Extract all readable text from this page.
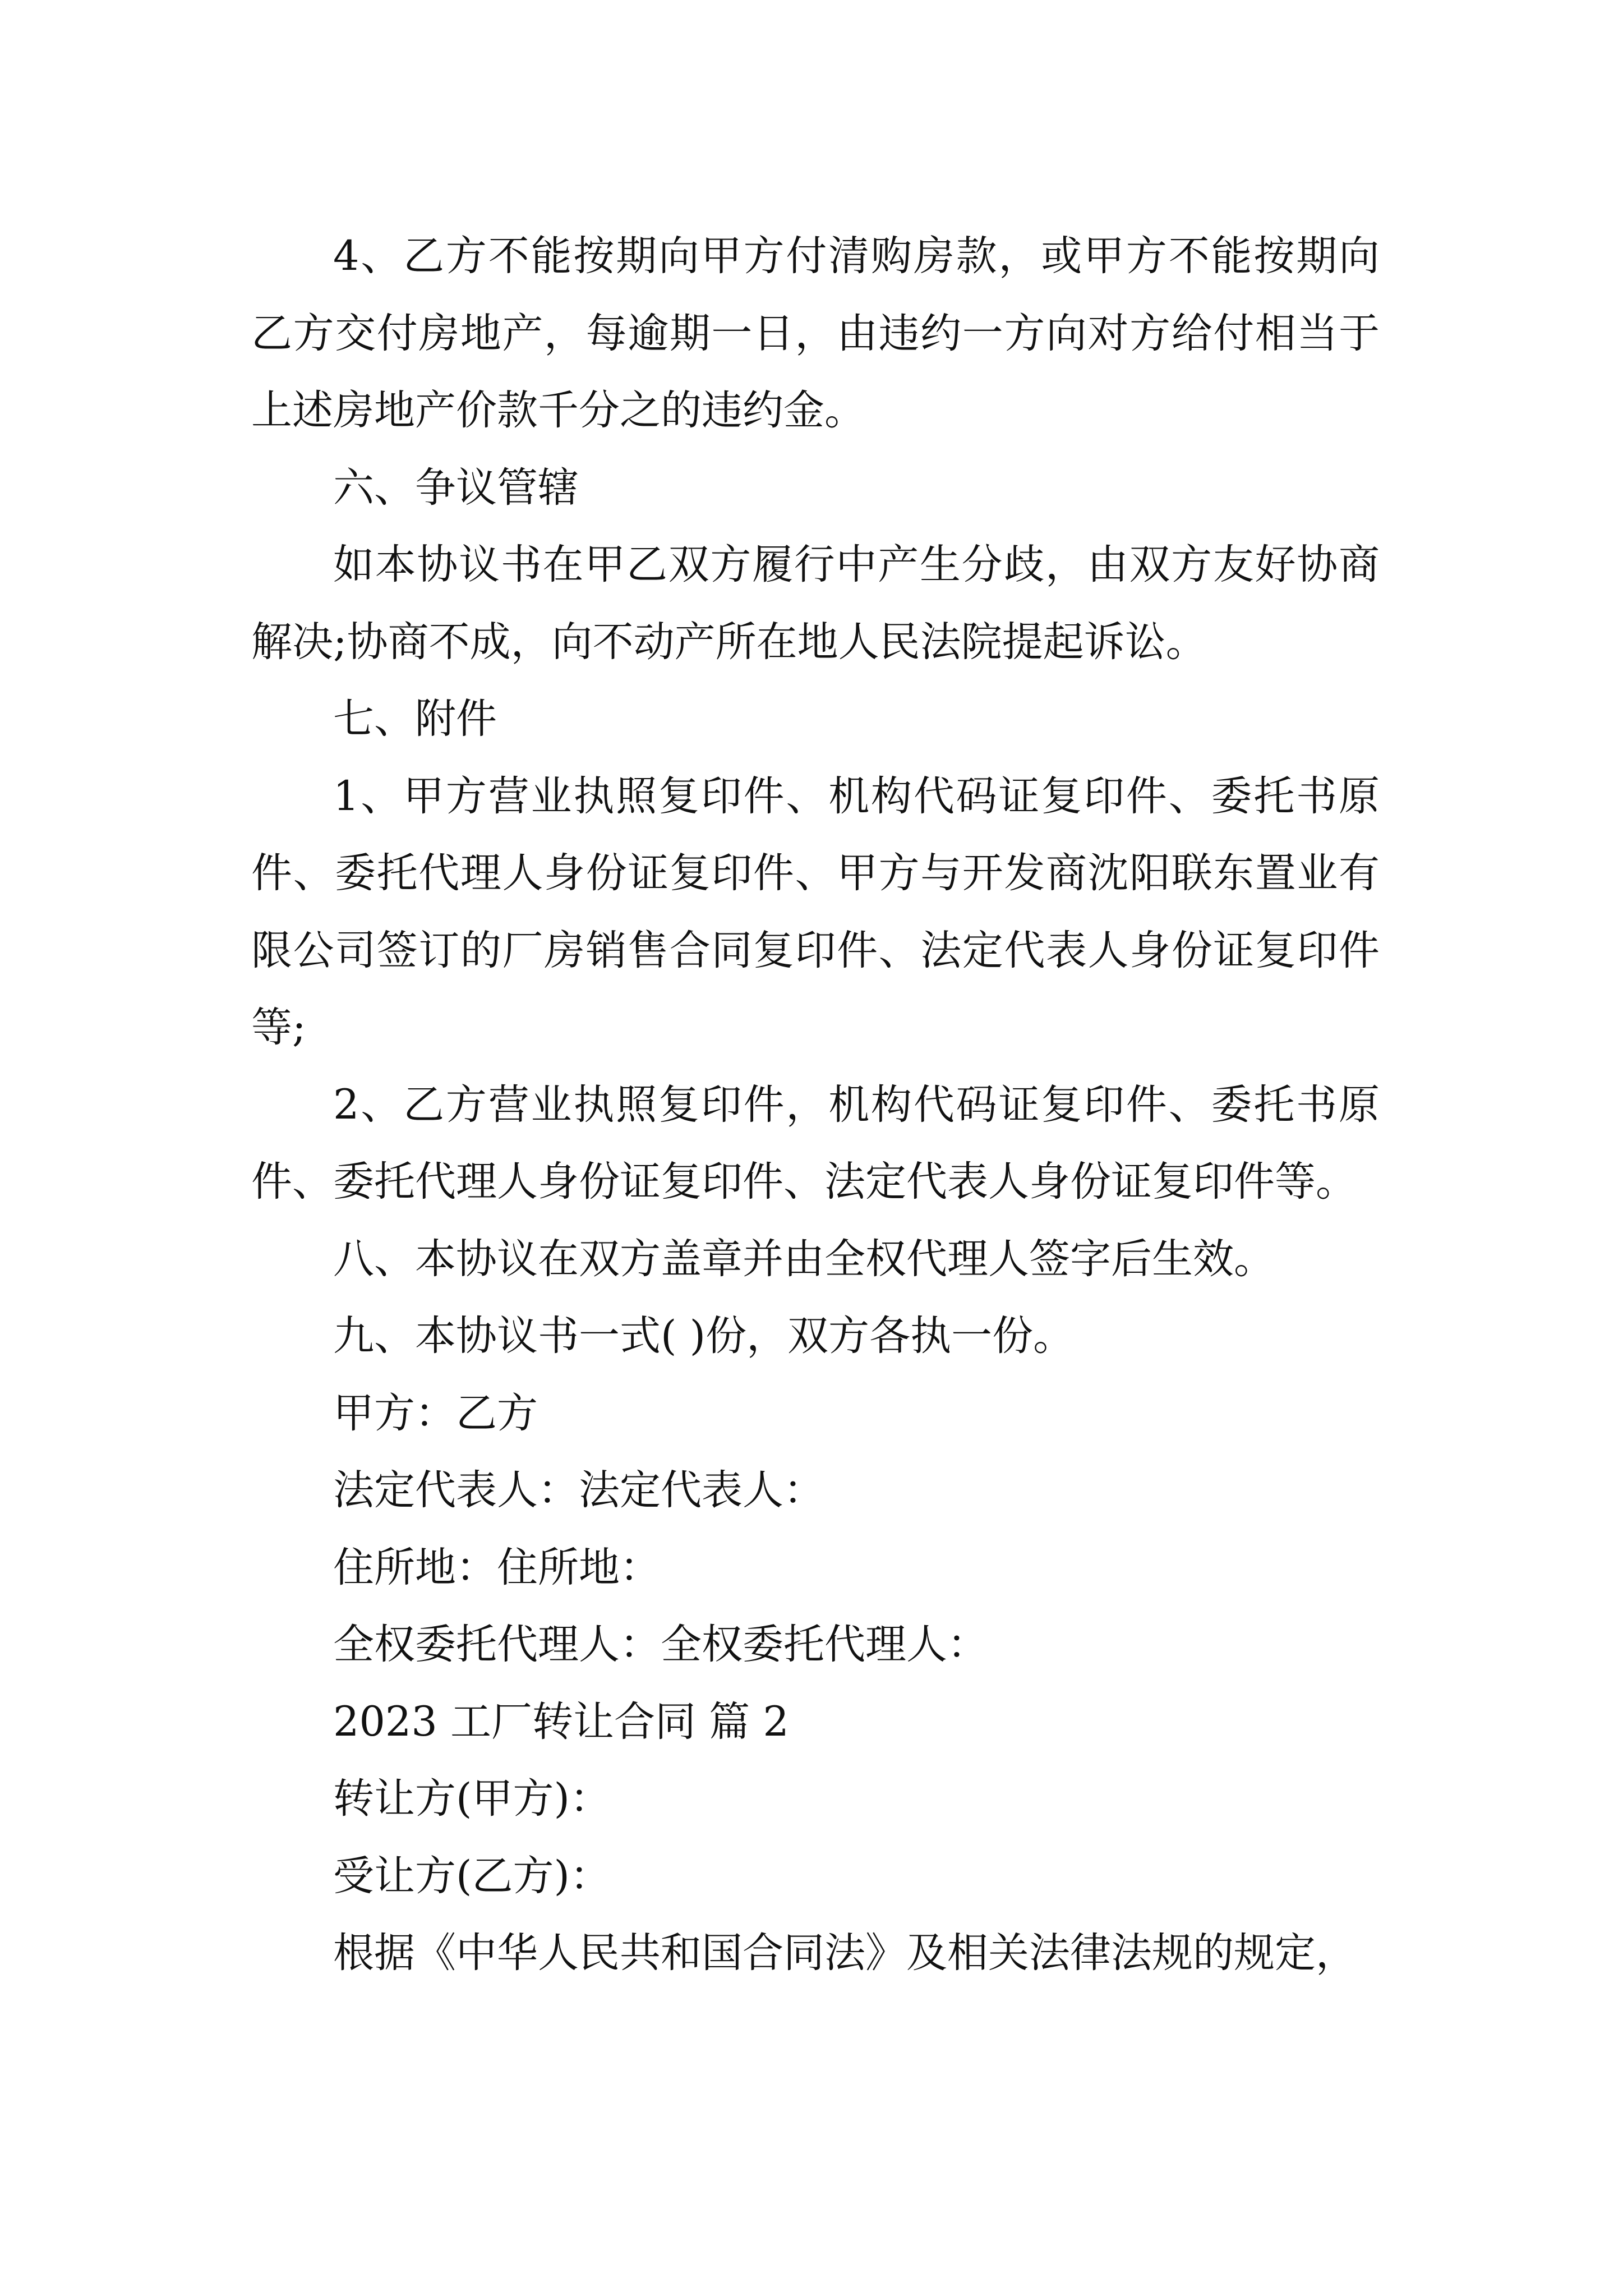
4、乙方不能按期向甲方付清购房款，或甲方不能按期向乙方交付房地产，每逾期一日，由违约一方向对方给付相当于上述房地产价款千分之的违约金。

六、争议管辖

如本协议书在甲乙双方履行中产生分歧，由双方友好协商解决;协商不成，向不动产所在地人民法院提起诉讼。

七、附件

1、甲方营业执照复印件、机构代码证复印件、委托书原件、委托代理人身份证复印件、甲方与开发商沈阳联东置业有限公司签订的厂房销售合同复印件、法定代表人身份证复印件等;

2、乙方营业执照复印件，机构代码证复印件、委托书原件、委托代理人身份证复印件、法定代表人身份证复印件等。

八、本协议在双方盖章并由全权代理人签字后生效。

九、本协议书一式( )份，双方各执一份。

甲方：乙方

法定代表人：法定代表人：

住所地：住所地：

全权委托代理人：全权委托代理人：

2023 工厂转让合同 篇 2

转让方(甲方)：

受让方(乙方)：

根据《中华人民共和国合同法》及相关法律法规的规定，
